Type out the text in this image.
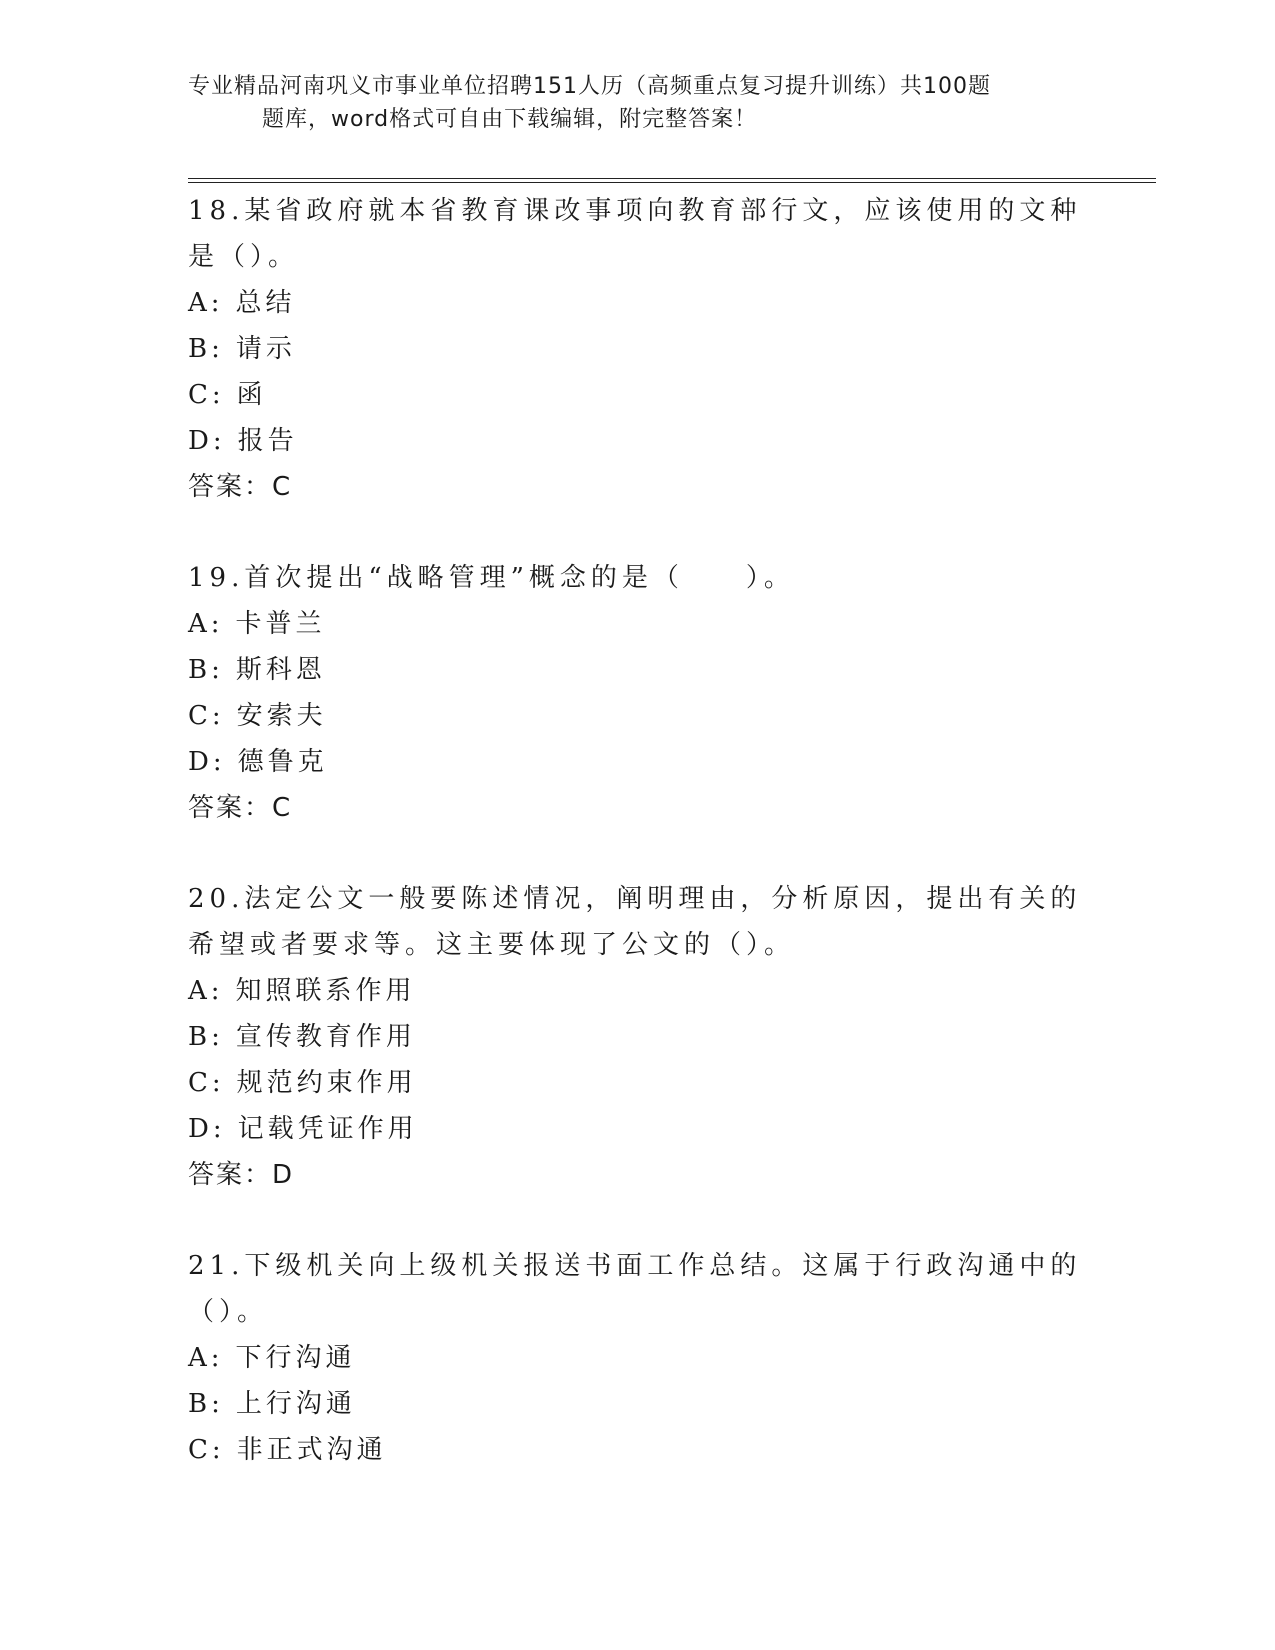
专业精品河南巩义市事业单位招聘151人历（高频重点复习提升训练）共100题
题库，word格式可自由下载编辑，附完整答案！
18.某省政府就本省教育课改事项向教育部行文，应该使用的文种是（）。
A: 总结
B: 请示
C: 函
D: 报告
答案：C
19.首次提出“战略管理”概念的是（　　）。
A: 卡普兰
B: 斯科恩
C: 安索夫
D: 德鲁克
答案：C
20.法定公文一般要陈述情况，阐明理由，分析原因，提出有关的希望或者要求等。这主要体现了公文的（）。
A: 知照联系作用
B: 宣传教育作用
C: 规范约束作用
D: 记载凭证作用
答案：D
21.下级机关向上级机关报送书面工作总结。这属于行政沟通中的（）。
A: 下行沟通
B: 上行沟通
C: 非正式沟通
